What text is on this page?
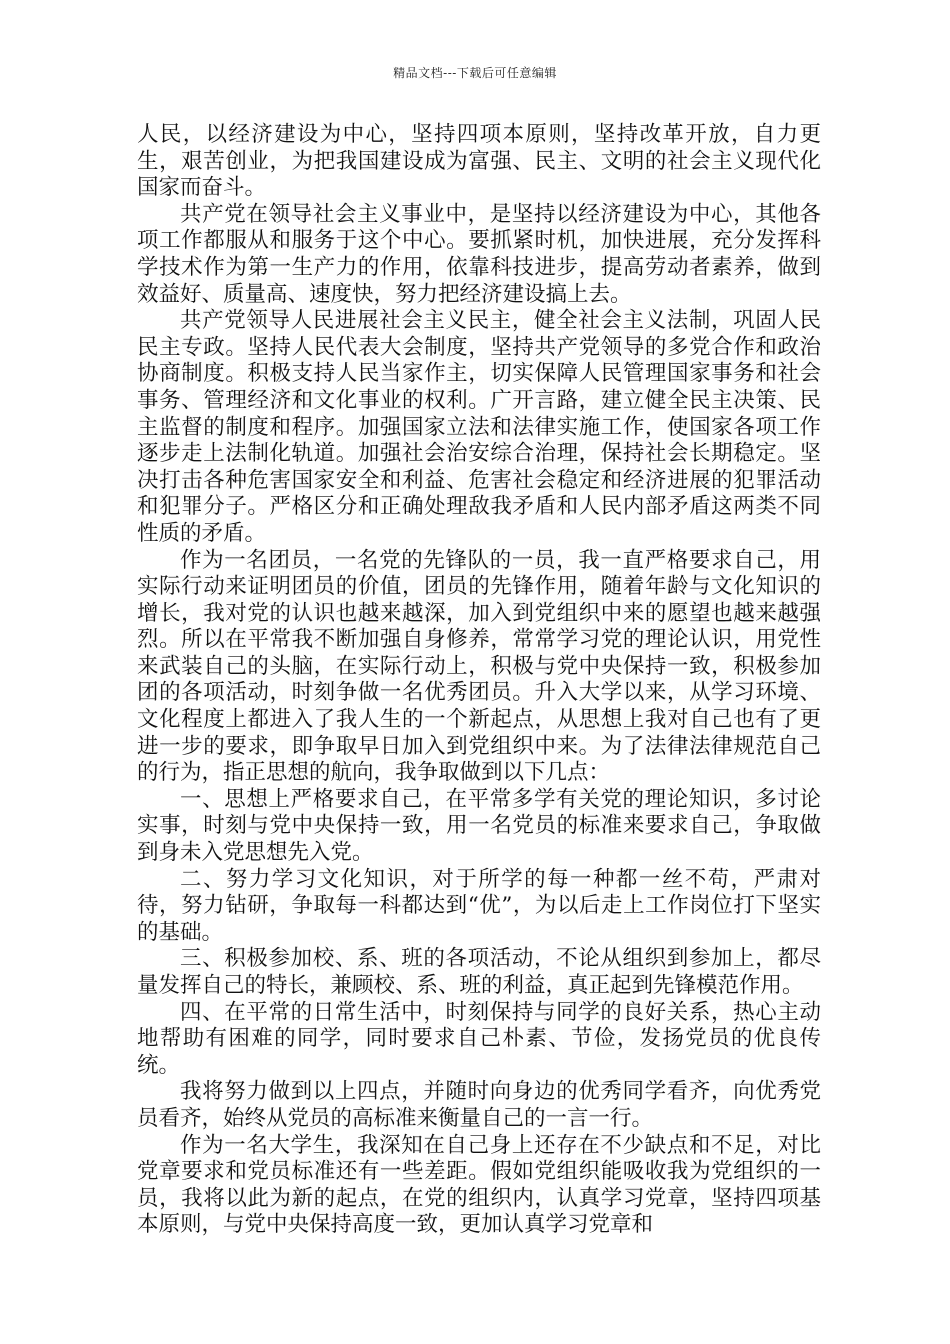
精品文档---下载后可任意编辑

人民，以经济建设为中心，坚持四项本原则，坚持改革开放，自力更生，艰苦创业，为把我国建设成为富强、民主、文明的社会主义现代化国家而奋斗。

共产党在领导社会主义事业中，是坚持以经济建设为中心，其他各项工作都服从和服务于这个中心。要抓紧时机，加快进展，充分发挥科学技术作为第一生产力的作用，依靠科技进步，提高劳动者素养，做到效益好、质量高、速度快，努力把经济建设搞上去。

共产党领导人民进展社会主义民主，健全社会主义法制，巩固人民民主专政。坚持人民代表大会制度，坚持共产党领导的多党合作和政治协商制度。积极支持人民当家作主，切实保障人民管理国家事务和社会事务、管理经济和文化事业的权利。广开言路，建立健全民主决策、民主监督的制度和程序。加强国家立法和法律实施工作，使国家各项工作逐步走上法制化轨道。加强社会治安综合治理，保持社会长期稳定。坚决打击各种危害国家安全和利益、危害社会稳定和经济进展的犯罪活动和犯罪分子。严格区分和正确处理敌我矛盾和人民内部矛盾这两类不同性质的矛盾。

作为一名团员，一名党的先锋队的一员，我一直严格要求自己，用实际行动来证明团员的价值，团员的先锋作用，随着年龄与文化知识的增长，我对党的认识也越来越深，加入到党组织中来的愿望也越来越强烈。所以在平常我不断加强自身修养，常常学习党的理论认识，用党性来武装自己的头脑，在实际行动上，积极与党中央保持一致，积极参加团的各项活动，时刻争做一名优秀团员。升入大学以来，从学习环境、文化程度上都进入了我人生的一个新起点，从思想上我对自己也有了更进一步的要求，即争取早日加入到党组织中来。为了法律法律规范自己的行为，指正思想的航向，我争取做到以下几点：

一、思想上严格要求自己，在平常多学有关党的理论知识，多讨论实事，时刻与党中央保持一致，用一名党员的标准来要求自己，争取做到身未入党思想先入党。

二、努力学习文化知识，对于所学的每一种都一丝不苟，严肃对待，努力钻研，争取每一科都达到“优”，为以后走上工作岗位打下坚实的基础。

三、积极参加校、系、班的各项活动，不论从组织到参加上，都尽量发挥自己的特长，兼顾校、系、班的利益，真正起到先锋模范作用。

四、在平常的日常生活中，时刻保持与同学的良好关系，热心主动地帮助有困难的同学，同时要求自己朴素、节俭，发扬党员的优良传统。

我将努力做到以上四点，并随时向身边的优秀同学看齐，向优秀党员看齐，始终从党员的高标准来衡量自己的一言一行。

作为一名大学生，我深知在自己身上还存在不少缺点和不足，对比党章要求和党员标准还有一些差距。假如党组织能吸收我为党组织的一员，我将以此为新的起点，在党的组织内，认真学习党章，坚持四项基本原则，与党中央保持高度一致，更加认真学习党章和
